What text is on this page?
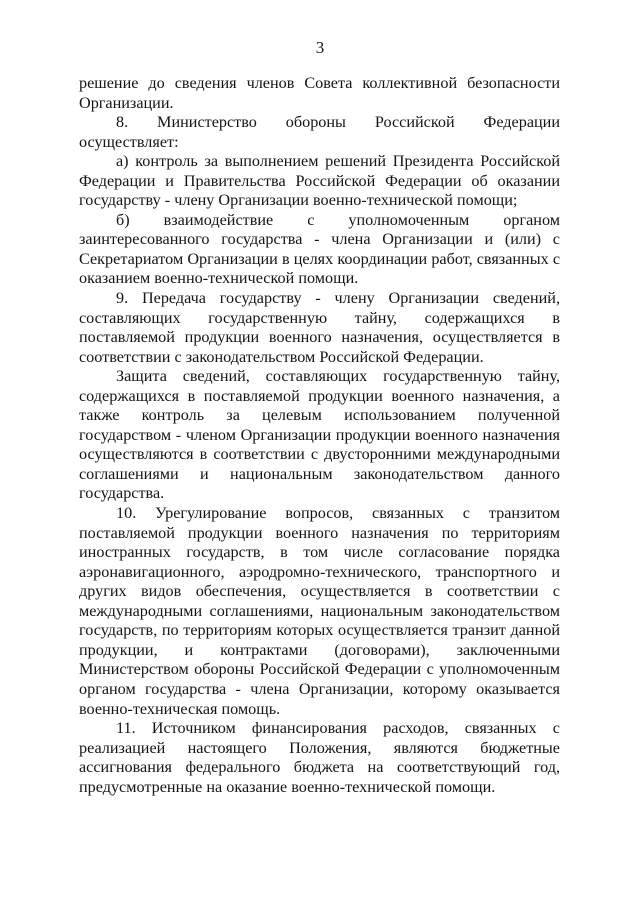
3

решение до сведения членов Совета коллективной безопасности Организации.

8. Министерство обороны Российской Федерации осуществляет:

а) контроль за выполнением решений Президента Российской Федерации и Правительства Российской Федерации об оказании государству - члену Организации военно-технической помощи;

б) взаимодействие с уполномоченным органом заинтересованного государства - члена Организации и (или) с Секретариатом Организации в целях координации работ, связанных с оказанием военно-технической помощи.

9. Передача государству - члену Организации сведений, составляющих государственную тайну, содержащихся в поставляемой продукции военного назначения, осуществляется в соответствии с законодательством Российской Федерации.

Защита сведений, составляющих государственную тайну, содержащихся в поставляемой продукции военного назначения, а также контроль за целевым использованием полученной государством - членом Организации продукции военного назначения осуществляются в соответствии с двусторонними международными соглашениями и национальным законодательством данного государства.

10. Урегулирование вопросов, связанных с транзитом поставляемой продукции военного назначения по территориям иностранных государств, в том числе согласование порядка аэронавигационного, аэродромно-технического, транспортного и других видов обеспечения, осуществляется в соответствии с международными соглашениями, национальным законодательством государств, по территориям которых осуществляется транзит данной продукции, и контрактами (договорами), заключенными Министерством обороны Российской Федерации с уполномоченным органом государства - члена Организации, которому оказывается военно-техническая помощь.

11. Источником финансирования расходов, связанных с реализацией настоящего Положения, являются бюджетные ассигнования федерального бюджета на соответствующий год, предусмотренные на оказание военно-технической помощи.
